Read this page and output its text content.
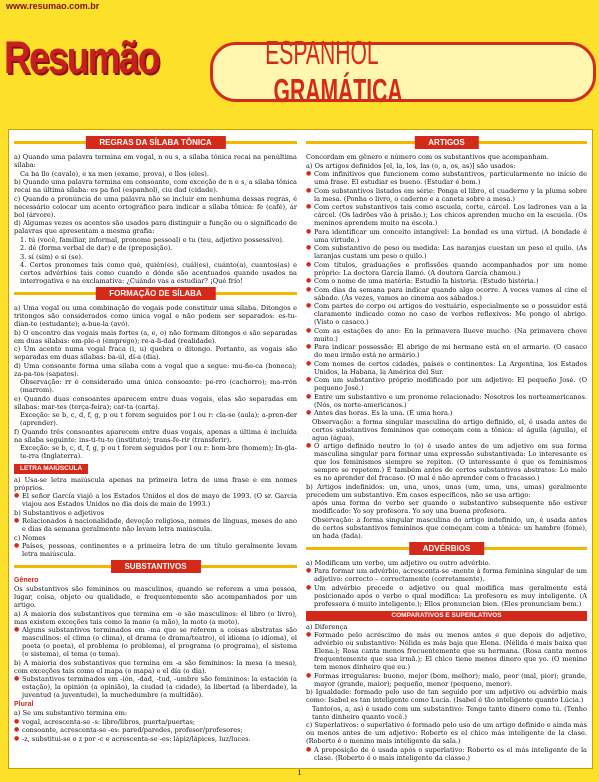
www.resumao.com.br
Resumão	ESPANHOLGRAMÁTICA
REGRAS DA SÍLABA TÔNICA

a) Quando uma palavra termina em vogal, n ou s, a sílaba tônica recai na penúltima sílaba:

Ca ba llo (cavalo), e xa men (exame, prova), e llos (eles).

b) Quando uma palavra termina em consoante, com exceção de n e s, a sílaba tônica recai na última sílaba: es pa ñol (espanhol), ciu dad (cidade).

c) Quando a pronúncia de uma palavra não se incluir em nenhuma dessas regras, é necessário colocar um acento ortográfico para indicar a sílaba tônica: fe (café), ár bol (árvore).

d) Algumas vezes os acentos são usados para distinguir a função ou o significado de palavras que apresentam a mesma grafia:

1. tú (você, familiar, informal, pronome pessoal) e tu (teu, adjetivo possessivo).

2. dé (forma verbal de dar) e de (preposição).

3. sí (sim) e si (se).

4. Certos pronomes tais como qué, quién(es), cuál(es), cuánto(a), cuantos(as) e certos advérbios tais como cuando e dónde são acentuados quando usados na interrogativa e na exclamativa: ¿Cuándo vas a estudiar? ¡Qué frío!

FORMAÇÃO DE SÍLABA

a) Uma vogal ou uma combinação de vogais pode constituir uma sílaba. Ditongos e tritongos são considerados como única vogal e não podem ser separados: es-tu-dian-te (estudante); a-bue-la (avó).

b) O encontro das vogais mais fortes (a, e, o) não formam ditongos e são separadas em duas sílabas: em-ple-o (emprego); re-a-li-dad (realidade).

c) Um acento numa vogal fraca (i, u) quebra o ditongo. Portanto, as vogais são separadas em duas sílabas: ba-úl, dí-a (dia).

d) Uma consoante forma uma sílaba com a vogal que a segue: mu-ñe-ca (boneca); za-pa-tos (sapatos).

Observação: rr é considerado uma única consoante: pe-rro (cachorro); ma-rrón (marrom).

e) Quando duas consoantes aparecem entre duas vogais, elas são separadas em sílabas: mar-tes (terça-feira); car-ta (carta).

Exceção: se b, c, d, f, g, p ou t forem seguidos por l ou r: cla-se (aula); a-pren-der (aprender).

f) Quando três consoantes aparecem entre duas vogais, apenas a última é incluída na sílaba seguinte: ins-ti-tu-to (instituto); trans-fe-rir (transferir).

Exceção: se b, c, d, f, g, p ou t forem seguidos por l ou r: hom-bre (homem); In-gla-te-rra (Inglaterra).

LETRA MAIÚSCULA

a) Usa-se letra maiúscula apenas na primeira letra de uma frase e em nomes próprios.

● El señor García viajó a los Estados Unidos el dos de mayo de 1993. (O sr. García viajou aos Estados Unidos no dia dois de maio de 1993.)

b) Substantivos e adjetivos

● Relacionados à nacionalidade, devoção religiosa, nomes de línguas, meses do ano e dias da semana geralmente não levam letra maiúscula.

c) Nomes

● Países, pessoas, continentes e a primeira letra de um título geralmente levam letra maiúscula.

SUBSTANTIVOS
Gênero

Os substantivos são femininos ou masculinos, quando se referem a uma pessoa, lugar, coisa, objeto ou qualidade, e frequentemente são acompanhados por um artigo.

a) A maioria dos substantivos que termina em -o são masculinos: el libro (o livro), mas existem exceções tais como la mano (a mão), la moto (a moto).

● Alguns substantivos terminados em -ma que se referem a coisas abstratas são masculinos: el clima (o clima), el drama (o drama/teatro), el idioma (o idioma), el poeta (o poeta), el problema (o problema), el programa (o programa), el sistema (o sistema), el tema (o tema).

b) A maioria dos substantivos que termina em -a são femininos: la mesa (a mesa), com exceções tais como el mapa (o mapa) e el día (o dia).

● Substantivos terminados em -ión, -dad, -tud, -umbre são femininos: la estación (a estação), la opinión (a opinião), la ciudad (a cidade), la libertad (a liberdade), la juventud (a juventude), la muchedumbre (a multidão).

Plural

a) Se um substantivo termina em:

● vogal, acrescenta-se -s: libro/libros, puerta/puertas;

● consoante, acrescenta-se -es: pared/paredes, profesor/profesores;

● -z, substitui-se o z por -c e acrescenta-se -es: lápiz/lápices, luz/luces.

ARTIGOS

Concordam em gênero e número com os substantivos que acompanham.

a) Os artigos definidos [el, la, los, las (o, a, os, as)] são usados:

● Com infinitivos que funcionem como substantivos, particularmente no início de uma frase. El estudiar es bueno. (Estudar é bom.)

● Com substantivos listados em série: Ponga el libro, el cuaderno y la pluma sobre la mesa. (Ponha o livro, o caderno e a caneta sobre a mesa.)

● Com certos substantivos tais como escuela, corte, cárcel. Los ladrones van a la cárcel. (Os ladrões vão à prisão.); Los chicos aprenden mucho en la escuela. (Os meninos aprendem muito na escola.)

● Para identificar um conceito intangível: La bondad es una virtud. (A bondade é uma virtude.)

● Com substantivo de peso ou medida: Las naranjas cuestan un peso el quilo. (As laranjas custam um peso o quilo.)

● Com títulos, graduações e profissões quando acompanhados por um nome próprio: La doctora García llamó. (A doutora García chamou.)

● Com o nome de uma matéria: Estudio la historia. (Estudo história.)

● Com dias da semana para indicar quando algo ocorre. A veces vamos al cine el sábado. (Às vezes, vamos ao cinema aos sábados.)

● Com partes do corpo ou artigos do vestuário, especialmente se o possuidor está claramente indicado como no caso de verbos reflexivos: Me pongo el abrigo. (Visto o casaco.)

● Com as estações do ano: En la primavera llueve mucho. (Na primavera chove muito.)

● Para indicar possessão: El abrigo de mi hermano está en el armario. (O casaco do meu irmão está no armário.)

● Com nomes de certos cidades, países e continentes: La Argentina, los Estados Unidos, la Habana, la América del Sur.

● Com um substantivo próprio modificado por um adjetivo: El pequeño José. (O pequeno José.)

● Entre um substantivo e um pronome relacionado: Nosotros los norteamericanos. (Nós, os norte-americanos.)

● Antes das horas. Es la una. (É uma hora.)

Observação: a forma singular masculina do artigo definido, el, é usada antes de certos substantivos femininos que começam com a tônica: el águila (águila), el agua (água).

● O artigo definido neutro lo (o) é usado antes de um adjetivo em sua forma masculina singular para formar uma expressão substantivada: Lo interesante es que los feminismos siempre se repiten. (O interessante é que os feminismos sempre se repetem.) É também antes de certos substantivos abstratos: Lo malo es no aprender del fracaso. (O mal é não aprender com o fracasso.)

b) Artigos indefinidos: un, una, unos, unas (um, uma, uns, umas) geralmente precedem um substantivo. Em casos específicos, não se usa artigo:

após uma forma do verbo ser quando o substantivo subsequente não estiver modificado: Yo soy profesora. Yo soy una buena profesora.

Observação: a forma singular masculina do artigo indefinido, un, é usada antes de certos substantivos femininos que começam com a tônica: un hambre (fome), un hada (fada).

ADVÉRBIOS

a) Modificam um verbo, um adjetivo ou outro advérbio.

● Para formar um advérbio, acrescenta-se -mente à forma feminina singular de um adjetivo: correcto – correctamente (corretamente).

● Um advérbio precede o adjetivo ou qual modifica mas geralmente está posicionado após o verbo o qual modifica: La profesora es muy inteligente. (A professora é muito inteligente.); Ellos pronuncian bien. (Eles pronunciam bem.)

COMPARATIVOS E SUPERLATIVOS

a) Diferença

● Formado pelo acréscimo de más ou menos antes e que depois do adjetivo, advérbio ou substantivo: Nélida es más baja que Elena. (Nélida é mais baixa que Elena.); Rosa canta menos frecuentemente que su hermana. (Rosa canta menos frequentemente que sua irmã.); El chico tiene menos dinero que yo. (O menino tem menos dinheiro que eu.)

● Formas irregulares: bueno, mejor (bom, melhor); malo, peor (mal, pior); grande, mayor (grande, maior); pequeño, menor (pequeno, menor).

b) Igualdade: formado pelo uso de tan seguido por um adjetivo ou advérbio mais como: Isabel es tan inteligente como Lucía. (Isabel é tão inteligente quanto Lúcia.)

Tanto(os, a, as) é usado com um substantivo: Tengo tanto dinero como tú. (Tenho tanto dinheiro quanto você.)

c) Superlativos: o superlativo é formado pelo uso de um artigo definido e ainda más ou menos antes de um adjetivo: Roberto es el chico más inteligente de la clase. (Roberto é o menino mais inteligente da sala.)

● A preposição de é usada após o superlativo: Roberto es el más inteligente de la clase. (Roberto é o mais inteligente da classe.)

1
